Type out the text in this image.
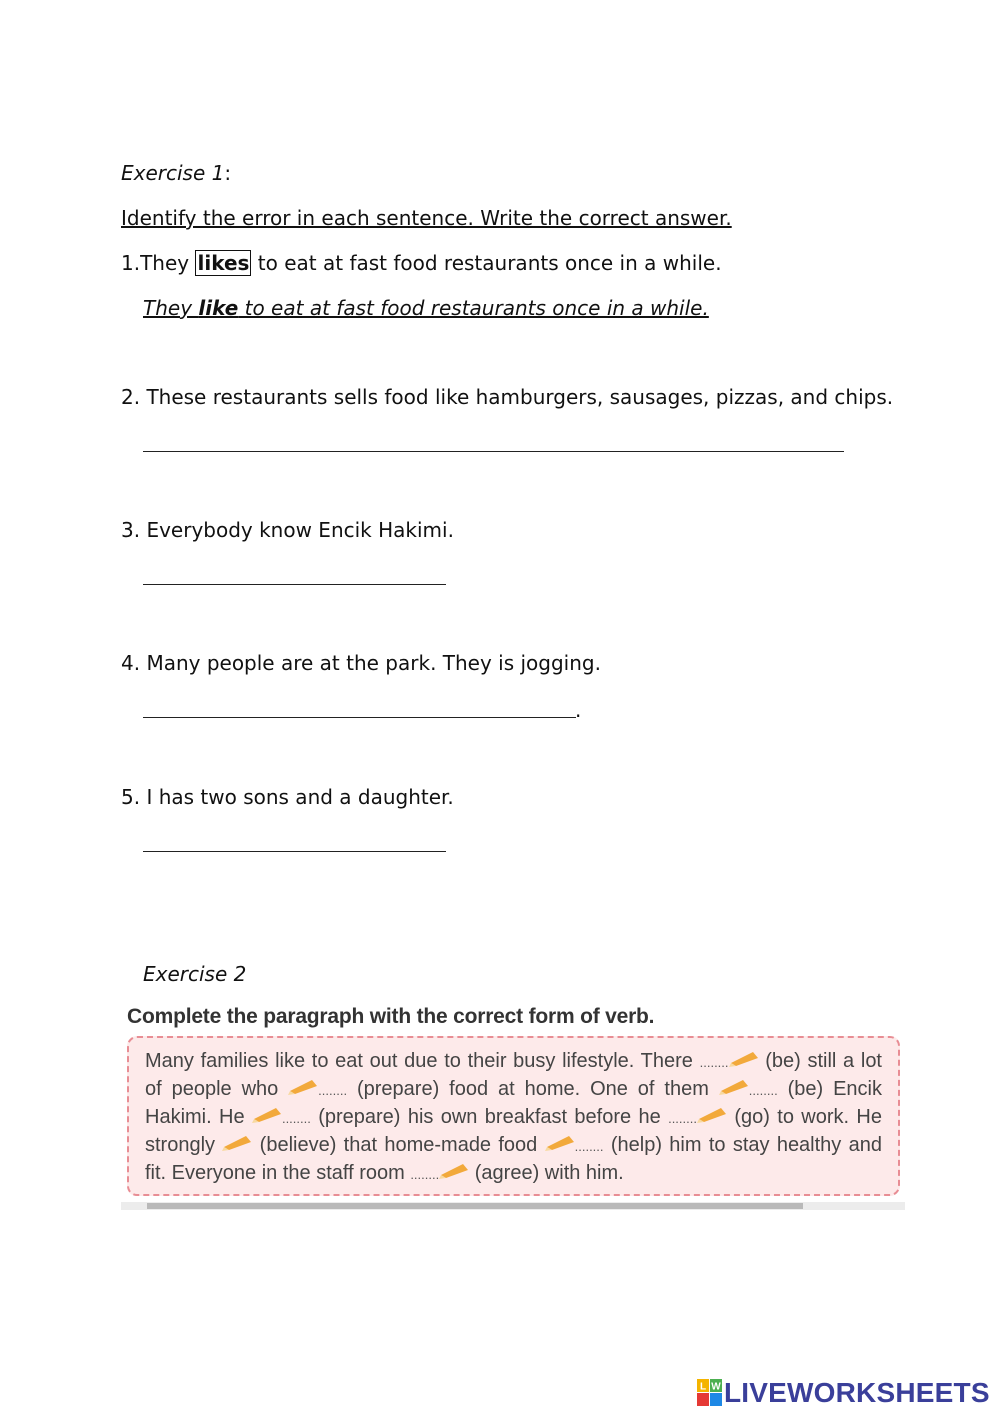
Exercise 1:
Identify the error in each sentence. Write the correct answer.
1.They likes to eat at fast food restaurants once in a while.
They like to eat at fast food restaurants once in a while.
2. These restaurants sells food like hamburgers, sausages, pizzas, and chips.
3. Everybody know Encik Hakimi.
4. Many people are at the park. They is jogging.
.
5. I has two sons and a daughter.
Exercise 2
Complete the paragraph with the correct form of verb.
Many families like to eat out due to their busy lifestyle. There ........ (be) still a lot of people who ........ (prepare) food at home. One of them ........ (be) Encik Hakimi. He ........ (prepare) his own breakfast before he ........ (go) to work. He strongly  (believe) that home-made food ........ (help) him to stay healthy and fit. Everyone in the staff room ........ (agree) with him.
L W LIVEWORKSHEETS
